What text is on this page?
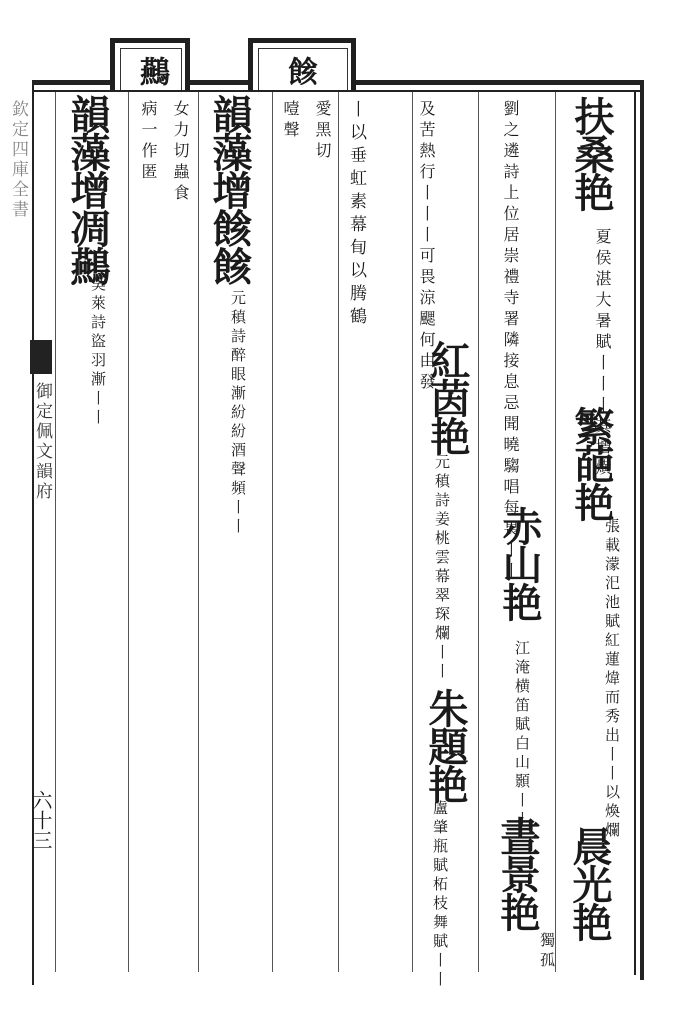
欽定四庫全書
御定佩文韻府
六十三
䴏	餩
扶桑艳
夏侯湛大暑賦丨丨丨其增熿
繁葩艳
張載濛汜池賦紅蓮煒而秀出丨丨以煥爛
晨光艳
劉之遴詩上位居崇禮寺署隣接息忌聞曉騶唱每畏丨丨
赤山艳
江淹横笛賦白山顥丨丨
晝景艳
獨孤
及苦熱行丨丨丨可畏涼颸何由發
紅茵艳
元稹詩姜桃雲幕翠琛爛丨丨
朱題艳
盧肇瓶賦柘枝舞賦丨丨
丨以垂虹素幕䀏以腾鶴
愛黑切
噎聲
韻藻增餩餩
元稹詩醉眼漸紛紛酒聲頻丨丨
女力切蟲食
病一作匿
韻藻增凋䴏
吳萊詩盜羽漸丨丨
